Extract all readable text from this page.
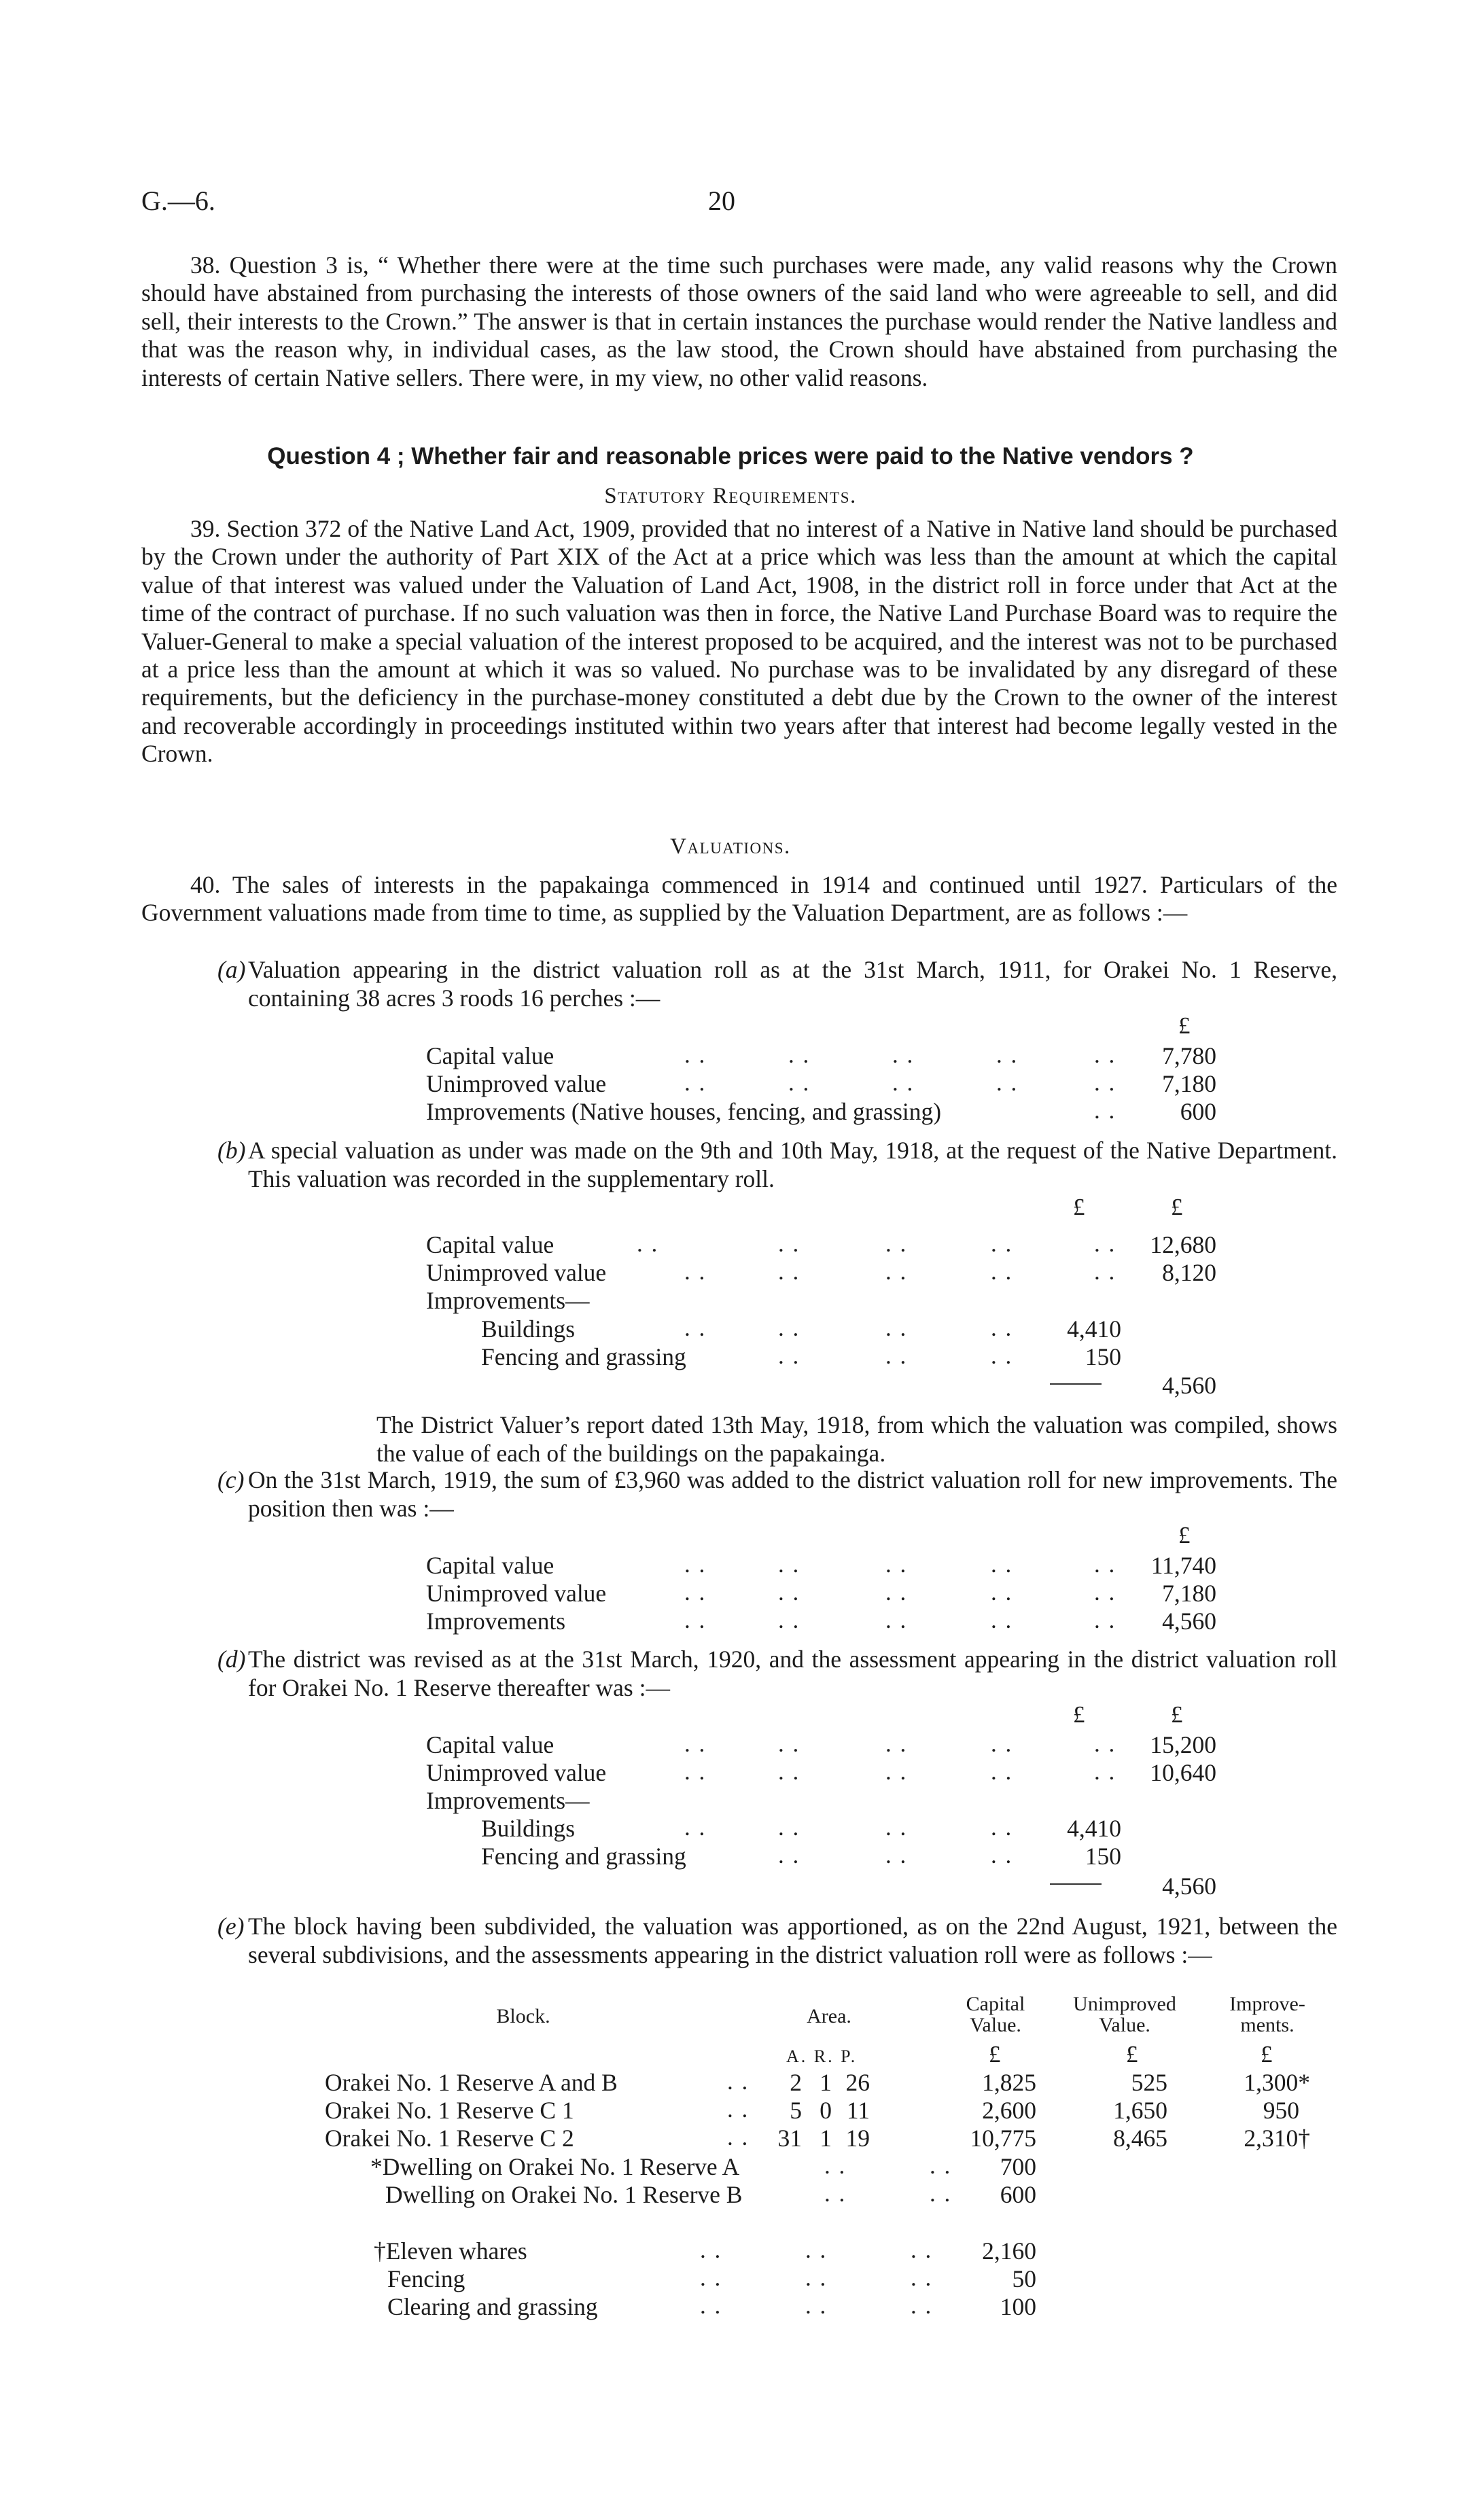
G.—6.	20

38. Question 3 is, “ Whether there were at the time such purchases were made, any valid reasons why the Crown should have abstained from purchasing the interests of those owners of the said land who were agreeable to sell, and did sell, their interests to the Crown.” The answer is that in certain instances the purchase would render the Native landless and that was the reason why, in individual cases, as the law stood, the Crown should have abstained from purchasing the interests of certain Native sellers. There were, in my view, no other valid reasons.

Question 4 ; Whether fair and reasonable prices were paid to the Native vendors ?
Statutory Requirements.

39. Section 372 of the Native Land Act, 1909, provided that no interest of a Native in Native land should be purchased by the Crown under the authority of Part XIX of the Act at a price which was less than the amount at which the capital value of that interest was valued under the Valuation of Land Act, 1908, in the district roll in force under that Act at the time of the contract of purchase. If no such valuation was then in force, the Native Land Purchase Board was to require the Valuer-General to make a special valuation of the interest proposed to be acquired, and the interest was not to be purchased at a price less than the amount at which it was so valued. No purchase was to be invalidated by any disregard of these requirements, but the deficiency in the purchase-money constituted a debt due by the Crown to the owner of the interest and recoverable accordingly in proceedings instituted within two years after that interest had become legally vested in the Crown.

Valuations.

40. The sales of interests in the papakainga commenced in 1914 and continued until 1927. Particulars of the Government valuations made from time to time, as supplied by the Valuation Department, are as follows :—

(a) Valuation appearing in the district valuation roll as at the 31st March, 1911, for Orakei No. 1 Reserve, containing 38 acres 3 roods 16 perches :—
£
Capital value	7,780
Unimproved value	7,180
Improvements (Native houses, fencing, and grassing)	600
. .	. .	. .	. .	. .
. .	. .	. .	. .	. .
. .
(b) A special valuation as under was made on the 9th and 10th May, 1918, at the request of the Native Department. This valuation was recorded in the supplementary roll.
£	£
Capital value	12,680
Unimproved value	8,120
Improvements—
Buildings	4,410
Fencing and grassing	150
4,560
. .	. .	. .	. .	. .
. .	. .	. .	. .	. .
. .	. .	. .	. .
. .	. .	. .
The District Valuer’s report dated 13th May, 1918, from which the valuation was compiled, shows the value of each of the buildings on the papakainga.
(c) On the 31st March, 1919, the sum of £3,960 was added to the district valuation roll for new improvements. The position then was :—
£
Capital value	11,740
Unimproved value	7,180
Improvements	4,560
. .	. .	. .	. .	. .
. .	. .	. .	. .	. .
. .	. .	. .	. .	. .
(d) The district was revised as at the 31st March, 1920, and the assessment appearing in the district valuation roll for Orakei No. 1 Reserve thereafter was :—
£	£
Capital value	15,200
Unimproved value	10,640
Improvements—
Buildings	4,410
Fencing and grassing	150
4,560
. .	. .	. .	. .	. .
. .	. .	. .	. .	. .
. .	. .	. .	. .
. .	. .	. .
(e) The block having been subdivided, the valuation was apportioned, as on the 22nd August, 1921, between the several subdivisions, and the assessments appearing in the district valuation roll were as follows :—
Block.	Area.
Capital Value.
Unimproved Value.
Improve- ments.
A. R. P.	£	£	£
Orakei No. 1 Reserve A and B	. .	2 1 26	1,825	525	1,300*
Orakei No. 1 Reserve C 1	. .	5 0 11	2,600	1,650	950
Orakei No. 1 Reserve C 2	. .	31 1 19	10,775	8,465	2,310†
*Dwelling on Orakei No. 1 Reserve A	. .	. .	700
Dwelling on Orakei No. 1 Reserve B	. .	. .	600
†Eleven whares	. .	. .	. .	2,160
Fencing	. .	. .	. .	50
Clearing and grassing	. .	. .	. .	100
